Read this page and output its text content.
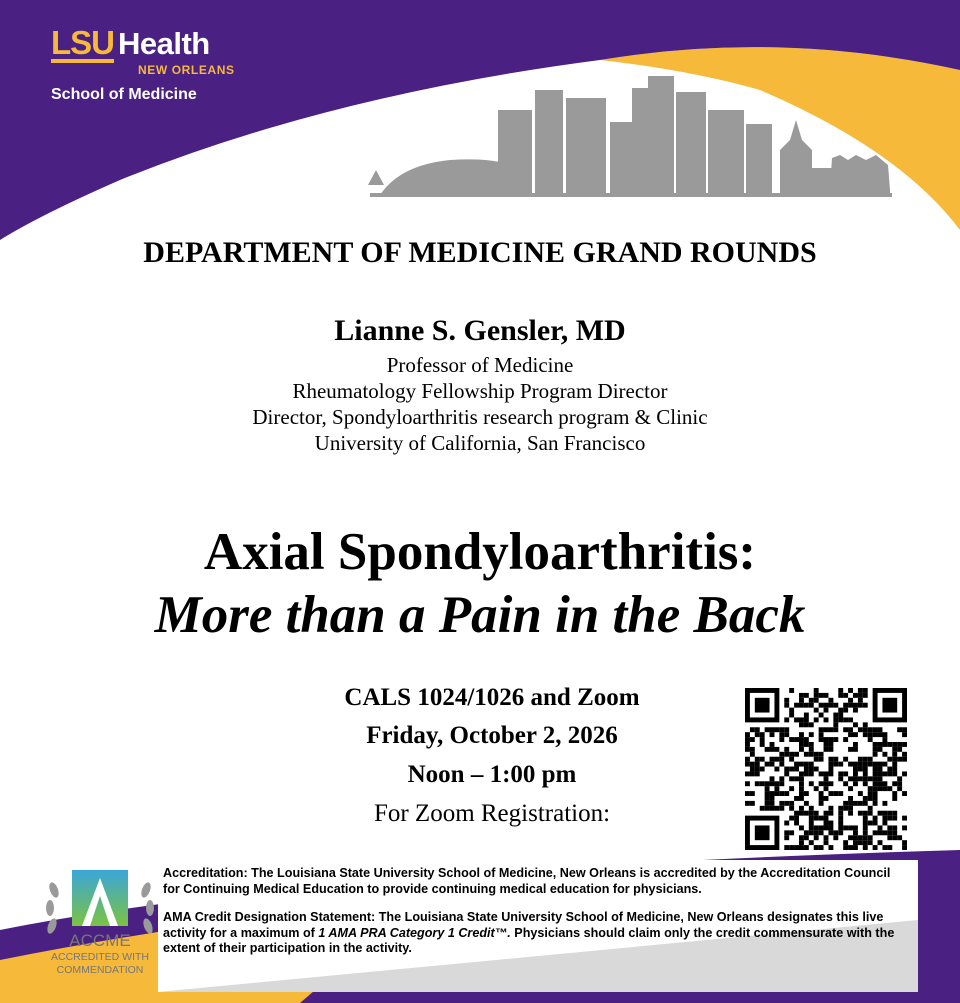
LSU Health
NEW ORLEANS
School of Medicine
DEPARTMENT OF MEDICINE GRAND ROUNDS
Lianne S. Gensler, MD
Professor of Medicine
Rheumatology Fellowship Program Director
Director, Spondyloarthritis research program & Clinic
University of California, San Francisco
Axial Spondyloarthritis:
More than a Pain in the Back
CALS 1024/1026 and Zoom
Friday, October 2, 2026
Noon – 1:00 pm
For Zoom Registration:
ACCME
ACCREDITED WITH
COMMENDATION

Accreditation: The Louisiana State University School of Medicine, New Orleans is accredited by the Accreditation Council for Continuing Medical Education to provide continuing medical education for physicians.

AMA Credit Designation Statement: The Louisiana State University School of Medicine, New Orleans designates this live activity for a maximum of 1 AMA PRA Category 1 Credit™. Physicians should claim only the credit commensurate with the extent of their participation in the activity.
